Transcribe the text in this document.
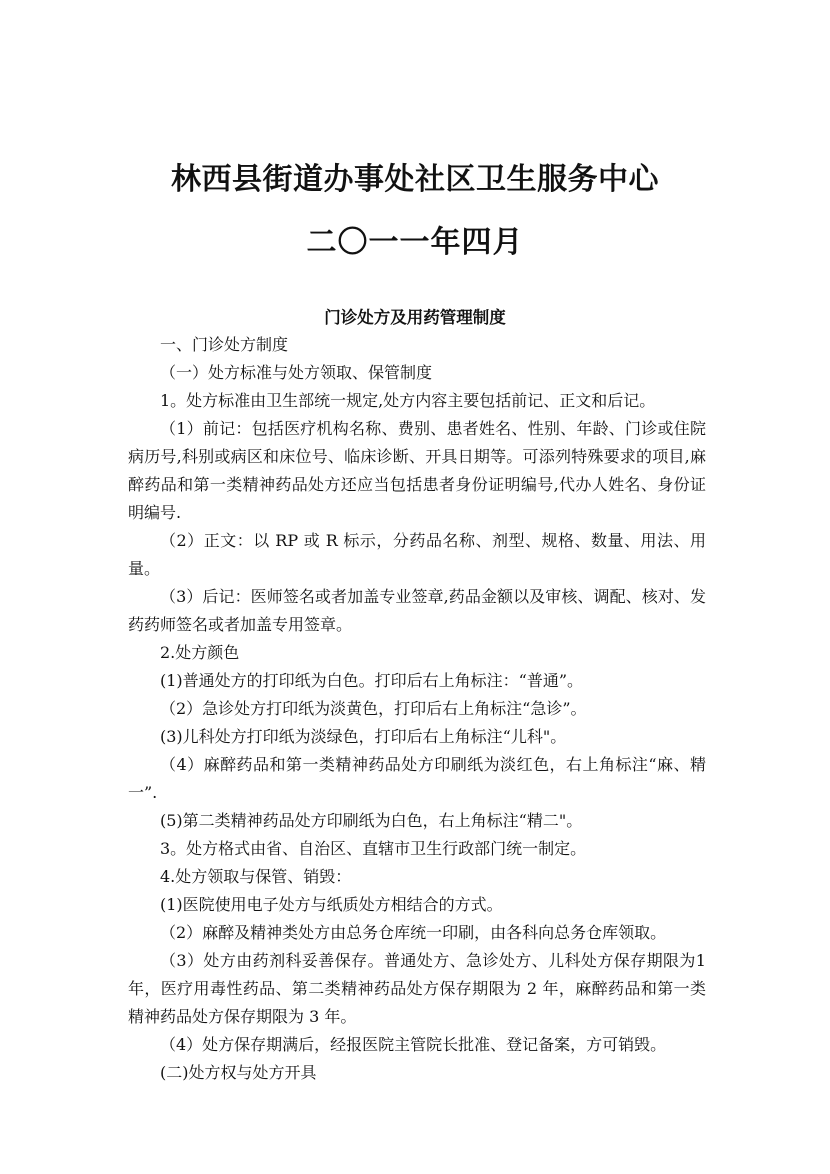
林西县街道办事处社区卫生服务中心
二〇一一年四月
门诊处方及用药管理制度

一、门诊处方制度

（一）处方标准与处方领取、保管制度

1。处方标准由卫生部统一规定,处方内容主要包括前记、正文和后记。

（1）前记：包括医疗机构名称、费别、患者姓名、性别、年龄、门诊或住院病历号,科别或病区和床位号、临床诊断、开具日期等。可添列特殊要求的项目,麻醉药品和第一类精神药品处方还应当包括患者身份证明编号,代办人姓名、身份证明编号.

（2）正文：以 RP 或 R 标示，分药品名称、剂型、规格、数量、用法、用量。

（3）后记：医师签名或者加盖专业签章,药品金额以及审核、调配、核对、发药药师签名或者加盖专用签章。

2.处方颜色

(1)普通处方的打印纸为白色。打印后右上角标注：“普通”。

（2）急诊处方打印纸为淡黄色，打印后右上角标注“急诊”。

(3)儿科处方打印纸为淡绿色，打印后右上角标注“儿科"。

（4）麻醉药品和第一类精神药品处方印刷纸为淡红色，右上角标注“麻、精一”.

(5)第二类精神药品处方印刷纸为白色，右上角标注“精二"。

3。处方格式由省、自治区、直辖市卫生行政部门统一制定。

4.处方领取与保管、销毁：

(1)医院使用电子处方与纸质处方相结合的方式。

（2）麻醉及精神类处方由总务仓库统一印刷，由各科向总务仓库领取。

（3）处方由药剂科妥善保存。普通处方、急诊处方、儿科处方保存期限为1 年，医疗用毒性药品、第二类精神药品处方保存期限为 2 年，麻醉药品和第一类精神药品处方保存期限为 3 年。

（4）处方保存期满后，经报医院主管院长批准、登记备案，方可销毁。

(二)处方权与处方开具
